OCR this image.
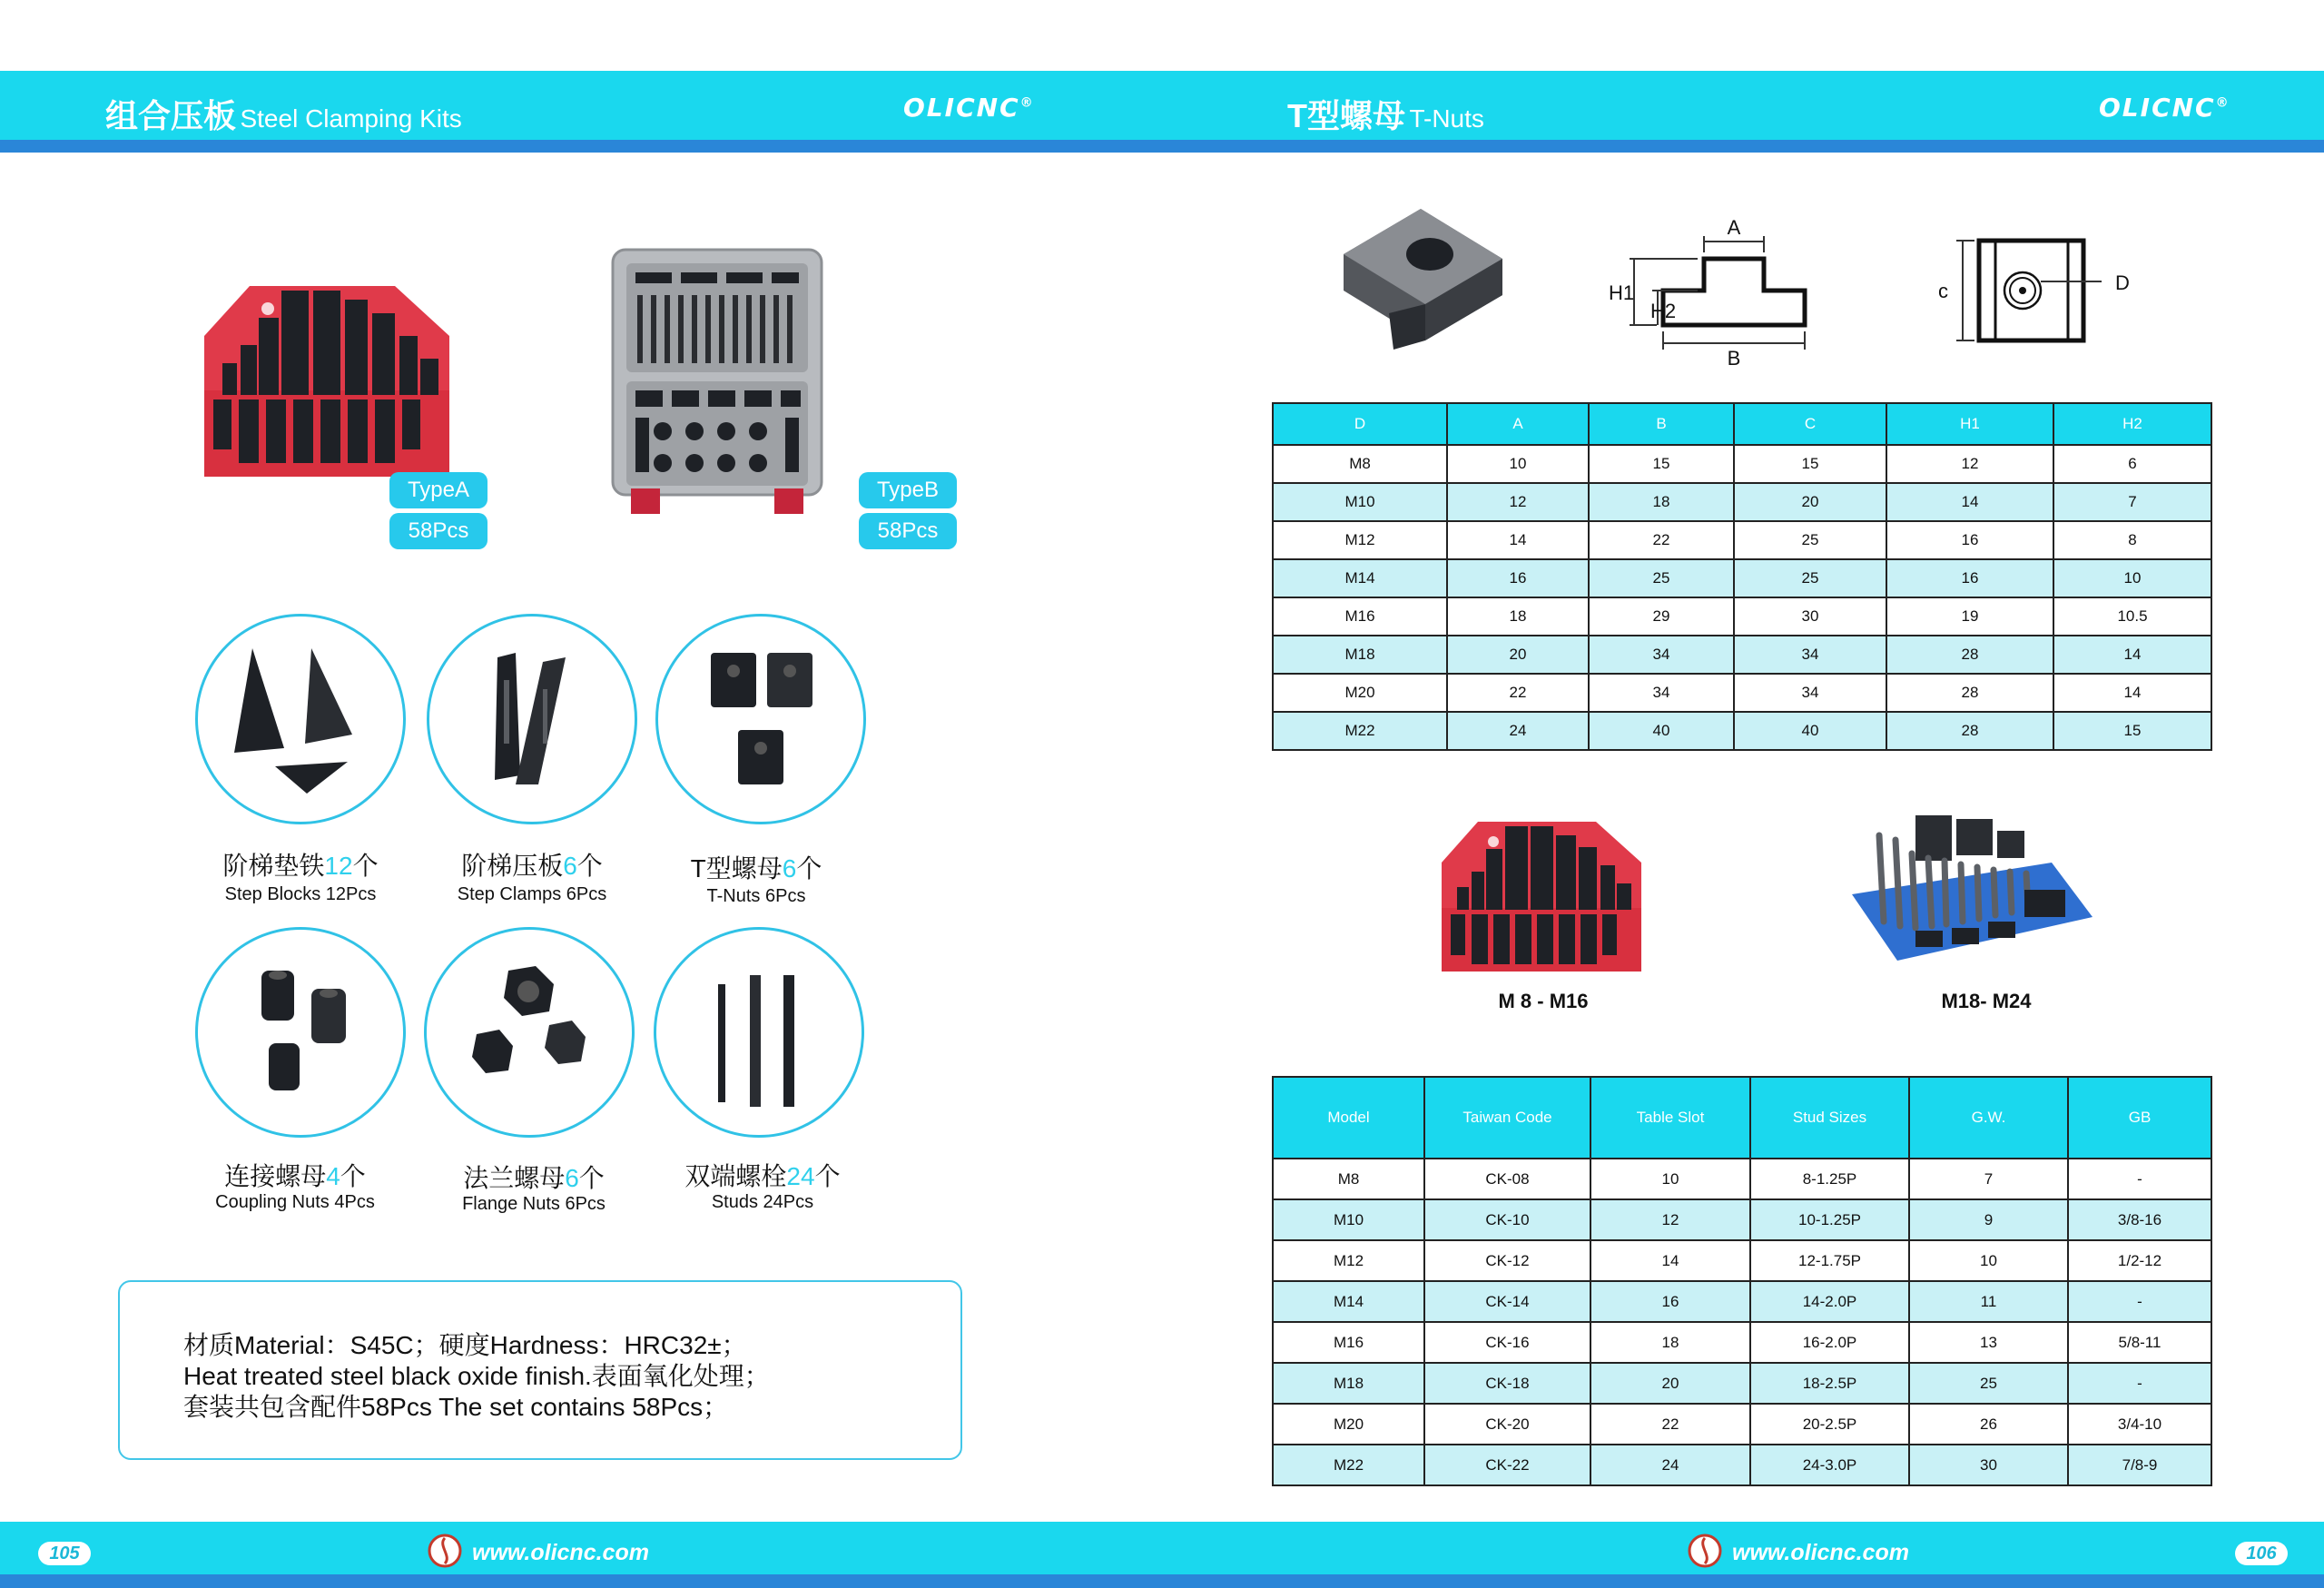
组合压板 Steel Clamping Kits	OLICNC®	T型螺母 T-Nuts	OLICNC®
TypeA
58Pcs
TypeB
58Pcs
阶梯垫铁12个
Step Blocks 12Pcs
阶梯压板6个
Step Clamps 6Pcs
T型螺母6个
T-Nuts 6Pcs
连接螺母4个
Coupling Nuts 4Pcs
法兰螺母6个
Flange Nuts 6Pcs
双端螺栓24个
Studs 24Pcs
材质Material：S45C；硬度Hardness：HRC32±；
Heat treated steel black oxide finish.表面氧化处理；
套装共包含配件58Pcs The set contains 58Pcs；
A
B
H1
H2
D
c
D	A	B	C	H1	H2
M8	10	15	15	12	6
M10	12	18	20	14	7
M12	14	22	25	16	8
M14	16	25	25	16	10
M16	18	29	30	19	10.5
M18	20	34	34	28	14
M20	22	34	34	28	14
M22	24	40	40	28	15
M 8 - M16	M18- M24
Model	Taiwan Code	Table Slot	Stud Sizes	G.W.	GB
M8	CK-08	10	8-1.25P	7	-
M10	CK-10	12	10-1.25P	9	3/8-16
M12	CK-12	14	12-1.75P	10	1/2-12
M14	CK-14	16	14-2.0P	11	-
M16	CK-16	18	16-2.0P	13	5/8-11
M18	CK-18	20	18-2.5P	25	-
M20	CK-20	22	20-2.5P	26	3/4-10
M22	CK-22	24	24-3.0P	30	7/8-9
105	www.olicnc.com	www.olicnc.com	106
